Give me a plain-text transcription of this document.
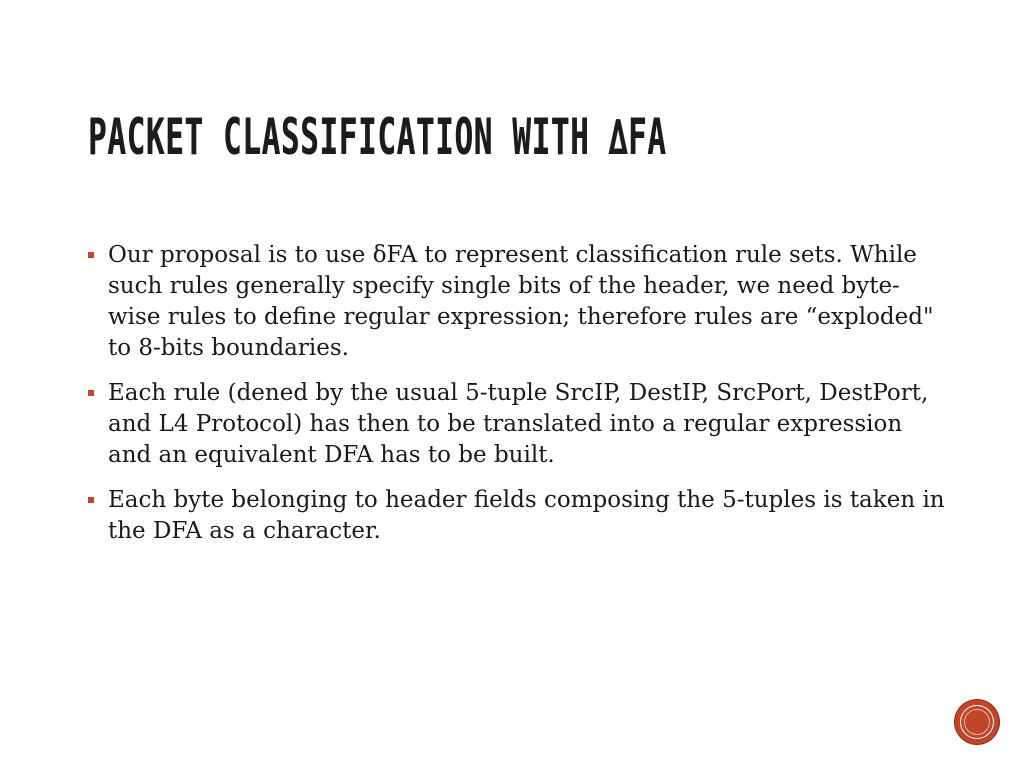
PACKET CLASSIFICATION WITH ∆FA
Our proposal is to use δFA to represent classification rule sets. While such rules generally specify single bits of the header, we need byte-wise rules to define regular expression; therefore rules are “exploded" to 8-bits boundaries.
Each rule (dened by the usual 5-tuple SrcIP, DestIP, SrcPort, DestPort, and L4 Protocol) has then to be translated into a regular expression and an equivalent DFA has to be built.
Each byte belonging to header fields composing the 5-tuples is taken in the DFA as a character.
